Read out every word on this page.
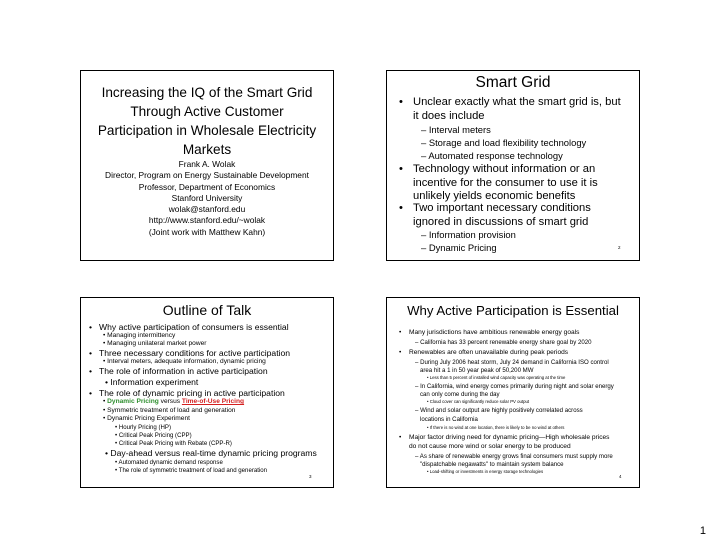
Increasing the IQ of the Smart Grid
Through Active Customer
Participation in Wholesale Electricity
Markets
Frank A. Wolak
Director, Program on Energy Sustainable Development
Professor, Department of Economics
Stanford University
wolak@stanford.edu
http://www.stanford.edu/~wolak
(Joint work with Matthew Kahn)
Smart Grid
• Unclear exactly what the smart grid is, but
it does include
– Interval meters
– Storage and load flexibility technology
– Automated response technology
• Technology without information or an
incentive for the consumer to use it is
unlikely yields economic benefits
• Two important necessary conditions
ignored in discussions of smart grid
– Information provision
– Dynamic Pricing	2
Outline of Talk
• Why active participation of consumers is essential
• Managing intermittency
• Managing unilateral market power
• Three necessary conditions for active participation
• Interval meters, adequate information, dynamic pricing
• The role of information in active participation
• Information experiment
• The role of dynamic pricing in active participation
• Dynamic Pricing versus Time-of-Use Pricing
• Symmetric treatment of load and generation
• Dynamic Pricing Experiment
• Hourly Pricing (HP)
• Critical Peak Pricing (CPP)
• Critical Peak Pricing with Rebate (CPP-R)
• Day-ahead versus real-time dynamic pricing programs
• Automated dynamic demand response
• The role of symmetric treatment of load and generation
3
Why Active Participation is Essential
• Many jurisdictions have ambitious renewable energy goals
– California has 33 percent renewable energy share goal by 2020
• Renewables are often unavailable during peak periods
– During July 2006 heat storm, July 24 demand in California ISO control
area hit a 1 in 50 year peak of 50,200 MW
• Less than 5 percent of installed wind capacity was operating at the time
– In California, wind energy comes primarily during night and solar energy
can only come during the day
• Cloud cover can significantly reduce solar PV output
– Wind and solar output are highly positively correlated across
locations in California
• If there is no wind at one location, there is likely to be no wind at others
• Major factor driving need for dynamic pricing—High wholesale prices
do not cause more wind or solar energy to be produced
– As share of renewable energy grows final consumers must supply more
"dispatchable negawatts" to maintain system balance
• Load-shifting or investments in energy storage technologies
4
1
